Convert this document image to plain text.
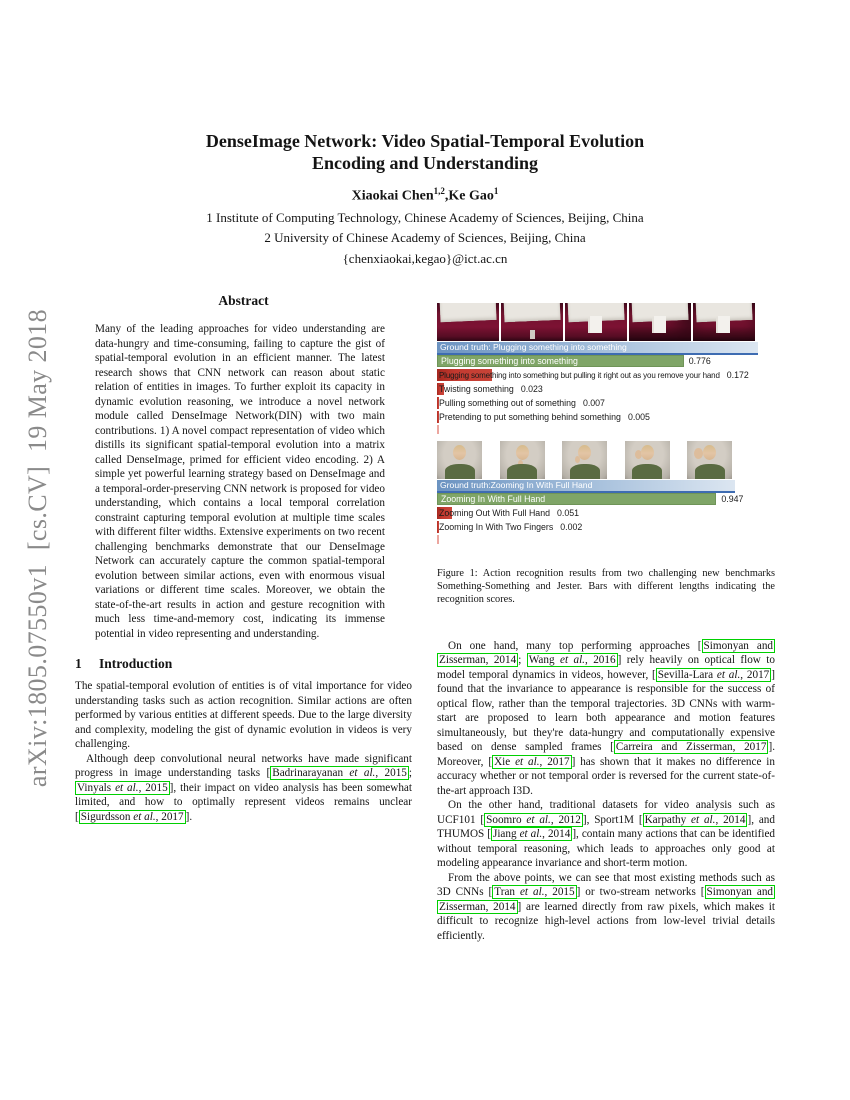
arXiv:1805.07550v1  [cs.CV]  19 May 2018
DenseImage Network: Video Spatial-Temporal Evolution
Encoding and Understanding
Xiaokai Chen$^{1,2}$,Ke Gao$^1$
1 Institute of Computing Technology, Chinese Academy of Sciences, Beijing, China
2 University of Chinese Academy of Sciences, Beijing, China
{chenxiaokai,kegao}@ict.ac.cn
Abstract
Many of the leading approaches for video understanding are data-hungry and time-consuming, failing to capture the gist of spatial-temporal evolution in an efficient manner. The latest research shows that CNN network can reason about static relation of entities in images. To further exploit its capacity in dynamic evolution reasoning, we introduce a novel network module called DenseImage Network(DIN) with two main contributions. 1) A novel compact representation of video which distills its significant spatial-temporal evolution into a matrix called DenseImage, primed for efficient video encoding. 2) A simple yet powerful learning strategy based on DenseImage and a temporal-order-preserving CNN network is proposed for video understanding, which contains a local temporal correlation constraint capturing temporal evolution at multiple time scales with different filter widths. Extensive experiments on two recent challenging benchmarks demonstrate that our DenseImage Network can accurately capture the common spatial-temporal evolution between similar actions, even with enormous visual variations or different time scales. Moreover, we obtain the state-of-the-art results in action and gesture recognition with much less time-and-memory cost, indicating its immense potential in video representing and understanding.
1 Introduction

The spatial-temporal evolution of entities is of vital importance for video understanding tasks such as action recognition. Similar actions are often performed by various entities at different speeds. Due to the large diversity and complexity, modeling the gist of dynamic evolution in videos is very challenging.

Although deep convolutional neural networks have made significant progress in image understanding tasks [ Badrinarayanan et al., 2015 ; Vinyals et al., 2015 ], their impact on video analysis has been somewhat limited, and how to optimally represent videos remains unclear [ Sigurdsson et al., 2017 ].

Ground truth: Plugging something into something
Plugging something into something	0.776
Plugging something into something but pulling it right out as you remove your hand 0.172
Twisting something 0.023
Pulling something out of something 0.007
Pretending to put something behind something 0.005
Ground truth:Zooming In With Full Hand
Zooming In With Full Hand	0.947
Zooming Out With Full Hand 0.051
Zooming In With Two Fingers 0.002
Figure 1: Action recognition results from two challenging new benchmarks Something-Something and Jester. Bars with different lengths indicating the recognition scores.

On one hand, many top performing approaches [ Simonyan and Zisserman, 2014 ; Wang et al., 2016 ] rely heavily on optical flow to model temporal dynamics in videos, however, [ Sevilla-Lara et al., 2017 ] found that the invariance to appearance is responsible for the success of optical flow, rather than the temporal trajectories. 3D CNNs with warm-start are proposed to learn both appearance and motion features simultaneously, but they're data-hungry and computationally expensive based on dense sampled frames [ Carreira and Zisserman, 2017 ]. Moreover, [ Xie et al., 2017 ] has shown that it makes no difference in accuracy whether or not temporal order is reversed for the current state-of-the-art approach I3D.

On the other hand, traditional datasets for video analysis such as UCF101 [ Soomro et al., 2012 ], Sport1M [ Karpathy et al., 2014 ], and THUMOS [ Jiang et al., 2014 ], contain many actions that can be identified without temporal reasoning, which leads to approaches only good at modeling appearance invariance and short-term motion.

From the above points, we can see that most existing methods such as 3D CNNs [ Tran et al., 2015 ] or two-stream networks [ Simonyan and Zisserman, 2014 ] are learned directly from raw pixels, which makes it difficult to recognize high-level actions from low-level trivial details efficiently.
